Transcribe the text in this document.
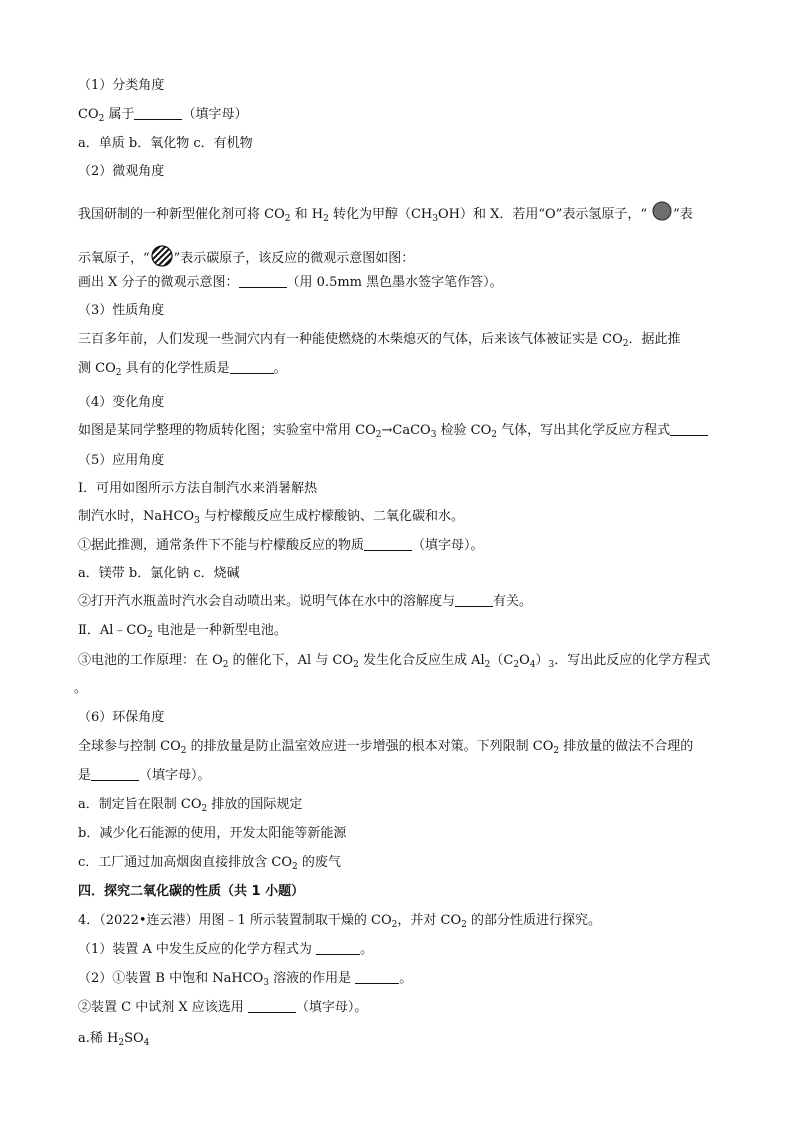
（1）分类角度
$CO_2$ 属于	（填字母）
a．单质 b．氧化物 c．有机物
（2）微观角度
我国研制的一种新型催化剂可将 $CO_2$ 和 $H_2$ 转化为甲醇$(CH_3OH)$和 X．若用“O”表示氢原子，“ ”表
示氧原子，“ ”表示碳原子，该反应的微观示意图如图：
画出 X 分子的微观示意图：	（用 0.5mm 黑色墨水签字笔作答）。
（3）性质角度
三百多年前，人们发现一些洞穴内有一种能使燃烧的木柴熄灭的气体，后来该气体被证实是 $CO_2$．据此推
测 $CO_2$ 具有的化学性质是	。
（4）变化角度
如图是某同学整理的物质转化图；实验室中常用 $CO_2\to CaCO_3$ 检验 $CO_2$ 气体，写出其化学反应方程式
（5）应用角度
Ⅰ．可用如图所示方法自制汽水来消暑解热
制汽水时，NaHCO$_3$ 与柠檬酸反应生成柠檬酸钠、二氧化碳和水。
①据此推测，通常条件下不能与柠檬酸反应的物质	（填字母）。
a．镁带 b．氯化钠 c．烧碱
②打开汽水瓶盖时汽水会自动喷出来。说明气体在水中的溶解度与	有关。
Ⅱ．$Al﹣CO_2$ 电池是一种新型电池。
③电池的工作原理：在 $O_2$ 的催化下，Al 与 $CO_2$ 发生化合反应生成 $Al_2(C_2O_4)_3$．写出此反应的化学方程式
。
（6）环保角度
全球参与控制 $CO_2$ 的排放量是防止温室效应进一步增强的根本对策。下列限制 $CO_2$ 排放量的做法不合理的
是	（填字母）。
a．制定旨在限制 $CO_2$ 排放的国际规定
b．减少化石能源的使用，开发太阳能等新能源
c．工厂通过加高烟囱直接排放含 $CO_2$ 的废气
四．探究二氧化碳的性质（共 1 小题）
4．（2022•连云港）用图﹣1 所示装置制取干燥的 $CO_2$，并对 $CO_2$ 的部分性质进行探究。
（1）装置 A 中发生反应的化学方程式为	。
（2）①装置 B 中饱和 NaHCO$_3$ 溶液的作用是	。
②装置 C 中试剂 X 应该选用	（填字母）。
a.稀 $H_2SO_4$
